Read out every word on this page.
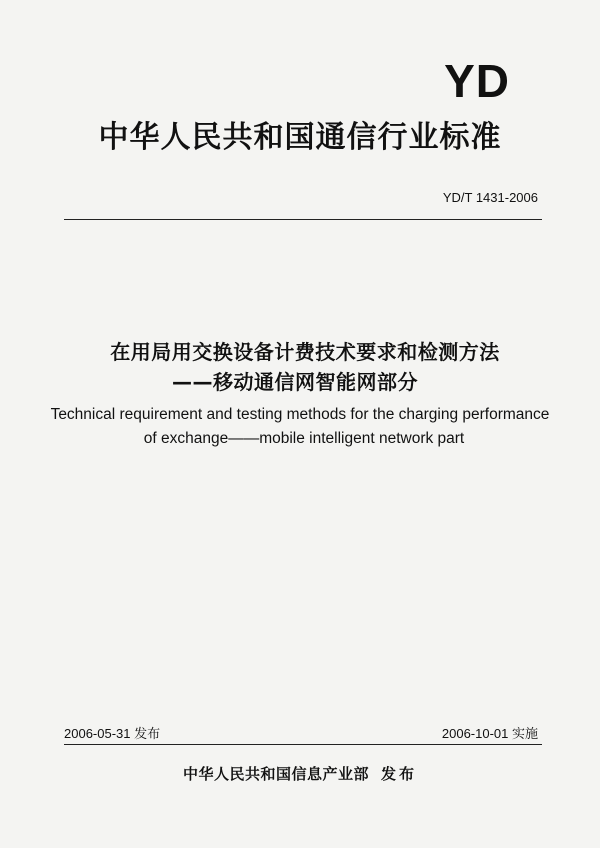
YD
中华人民共和国通信行业标准
YD/T 1431-2006
在用局用交换设备计费技术要求和检测方法
——移动通信网智能网部分
Technical requirement and testing methods for the charging performance
of exchange——mobile intelligent network part
2006-05-31 发布	2006-10-01 实施
中华人民共和国信息产业部 发布
